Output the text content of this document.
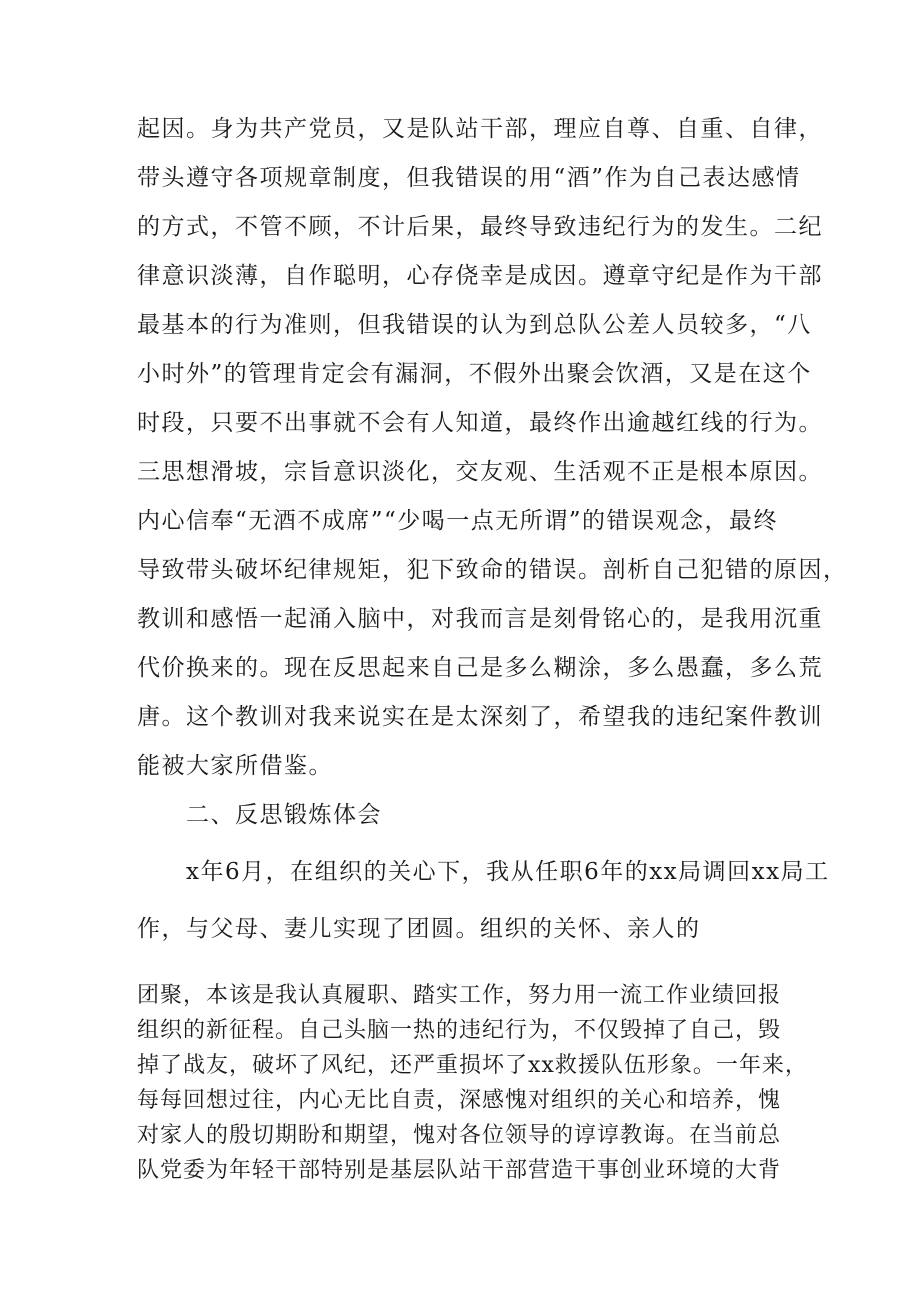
起因。身为共产党员，又是队站干部，理应自尊、自重、自律，
带头遵守各项规章制度，但我错误的用“酒”作为自己表达感情
的方式，不管不顾，不计后果，最终导致违纪行为的发生。二纪
律意识淡薄，自作聪明，心存侥幸是成因。遵章守纪是作为干部
最基本的行为准则，但我错误的认为到总队公差人员较多，“八
小时外”的管理肯定会有漏洞，不假外出聚会饮酒，又是在这个
时段，只要不出事就不会有人知道，最终作出逾越红线的行为。
三思想滑坡，宗旨意识淡化，交友观、生活观不正是根本原因。
内心信奉“无酒不成席”“少喝一点无所谓”的错误观念，最终
导致带头破坏纪律规矩，犯下致命的错误。剖析自己犯错的原因，
教训和感悟一起涌入脑中，对我而言是刻骨铭心的，是我用沉重
代价换来的。现在反思起来自己是多么糊涂，多么愚蠢，多么荒
唐。这个教训对我来说实在是太深刻了，希望我的违纪案件教训
能被大家所借鉴。
二、反思锻炼体会
x年6月，在组织的关心下，我从任职6年的xx局调回xx局工
作，与父母、妻儿实现了团圆。组织的关怀、亲人的
团聚，本该是我认真履职、踏实工作，努力用一流工作业绩回报
组织的新征程。自己头脑一热的违纪行为，不仅毁掉了自己，毁
掉了战友，破坏了风纪，还严重损坏了xx救援队伍形象。一年来，
每每回想过往，内心无比自责，深感愧对组织的关心和培养，愧
对家人的殷切期盼和期望，愧对各位领导的谆谆教诲。在当前总
队党委为年轻干部特别是基层队站干部营造干事创业环境的大背
